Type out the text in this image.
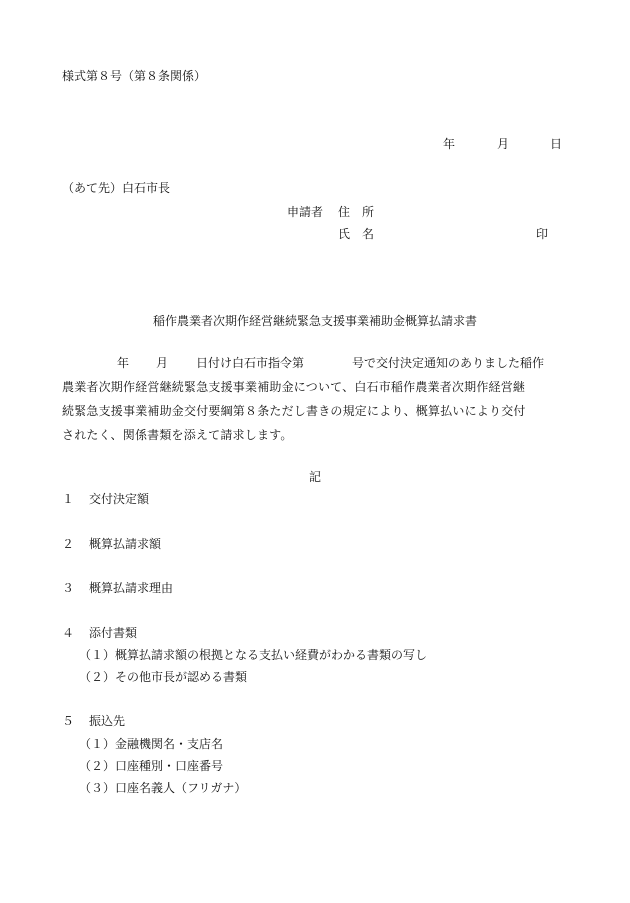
様式第８号（第８条関係）
年	月	日
（あて先）白石市長
申請者 住　所
氏　名	印
稲作農業者次期作経営継続緊急支援事業補助金概算払請求書
年 月 日付け白石市指令第	号で交付決定通知のありました稲作
農業者次期作経営継続緊急支援事業補助金について、白石市稲作農業者次期作経営継
続緊急支援事業補助金交付要綱第８条ただし書きの規定により、概算払いにより交付
されたく、関係書類を添えて請求します。
記
１ 交付決定額
２ 概算払請求額
３ 概算払請求理由
４ 添付書類
（１） 概算払請求額の根拠となる支払い経費がわかる書類の写し
（２） その他市長が認める書類
５ 振込先
（１） 金融機関名・支店名
（２） 口座種別・口座番号
（３） 口座名義人（フリガナ）
